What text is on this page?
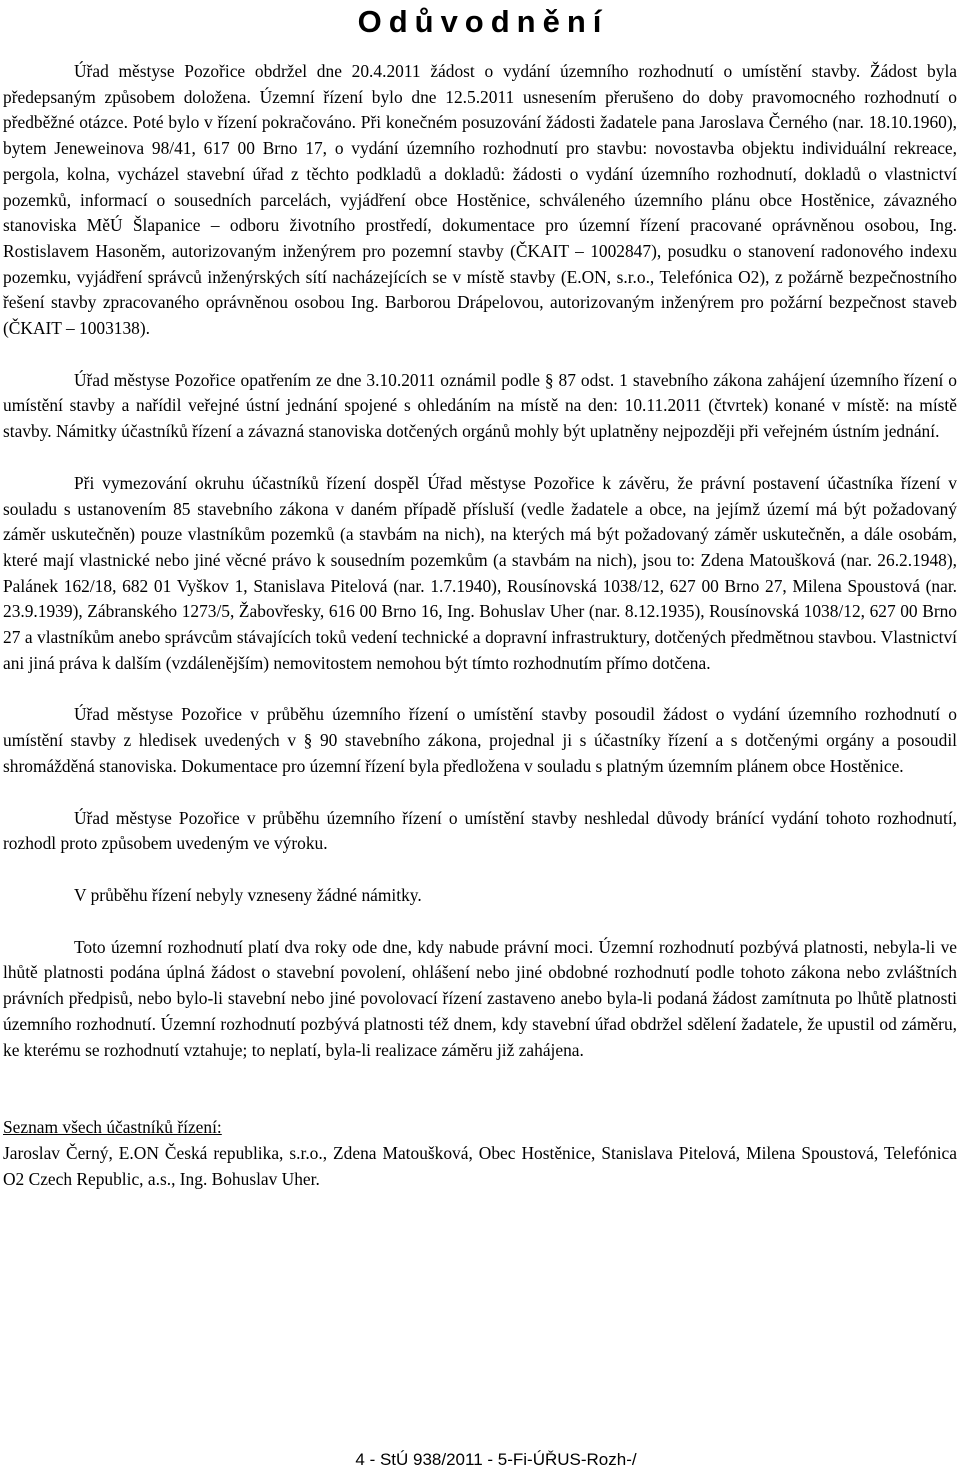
Odůvodnění

Úřad městyse Pozořice obdržel dne 20.4.2011 žádost o vydání územního rozhodnutí o umístění stavby. Žádost byla předepsaným způsobem doložena. Územní řízení bylo dne 12.5.2011 usnesením přerušeno do doby pravomocného rozhodnutí o předběžné otázce. Poté bylo v řízení pokračováno. Při konečném posuzování žádosti žadatele pana Jaroslava Černého (nar. 18.10.1960), bytem Jeneweinova 98/41, 617 00 Brno 17, o vydání územního rozhodnutí pro stavbu: novostavba objektu individuální rekreace, pergola, kolna, vycházel stavební úřad z těchto podkladů a dokladů: žádosti o vydání územního rozhodnutí, dokladů o vlastnictví pozemků, informací o sousedních parcelách, vyjádření obce Hostěnice, schváleného územního plánu obce Hostěnice, závazného stanoviska MěÚ Šlapanice – odboru životního prostředí, dokumentace pro územní řízení pracované oprávněnou osobou, Ing. Rostislavem Hasoněm, autorizovaným inženýrem pro pozemní stavby (ČKAIT – 1002847), posudku o stanovení radonového indexu pozemku, vyjádření správců inženýrských sítí nacházejících se v místě stavby (E.ON, s.r.o., Telefónica O2), z požárně bezpečnostního řešení stavby zpracovaného oprávněnou osobou Ing. Barborou Drápelovou, autorizovaným inženýrem pro požární bezpečnost staveb (ČKAIT – 1003138).

Úřad městyse Pozořice opatřením ze dne 3.10.2011 oznámil podle § 87 odst. 1 stavebního zákona zahájení územního řízení o umístění stavby a nařídil veřejné ústní jednání spojené s ohledáním na místě na den: 10.11.2011 (čtvrtek) konané v místě: na místě stavby. Námitky účastníků řízení a závazná stanoviska dotčených orgánů mohly být uplatněny nejpozději při veřejném ústním jednání.

Při vymezování okruhu účastníků řízení dospěl Úřad městyse Pozořice k závěru, že právní postavení účastníka řízení v souladu s ustanovením 85 stavebního zákona v daném případě přísluší (vedle žadatele a obce, na jejímž území má být požadovaný záměr uskutečněn) pouze vlastníkům pozemků (a stavbám na nich), na kterých má být požadovaný záměr uskutečněn, a dále osobám, které mají vlastnické nebo jiné věcné právo k sousedním pozemkům (a stavbám na nich), jsou to: Zdena Matoušková (nar. 26.2.1948), Palánek 162/18, 682 01 Vyškov 1, Stanislava Pitelová (nar. 1.7.1940), Rousínovská 1038/12, 627 00 Brno 27, Milena Spoustová (nar. 23.9.1939), Zábranského 1273/5, Žabovřesky, 616 00 Brno 16, Ing. Bohuslav Uher (nar. 8.12.1935), Rousínovská 1038/12, 627 00 Brno 27 a vlastníkům anebo správcům stávajících toků vedení technické a dopravní infrastruktury, dotčených předmětnou stavbou. Vlastnictví ani jiná práva k dalším (vzdálenějším) nemovitostem nemohou být tímto rozhodnutím přímo dotčena.

Úřad městyse Pozořice v průběhu územního řízení o umístění stavby posoudil žádost o vydání územního rozhodnutí o umístění stavby z hledisek uvedených v § 90 stavebního zákona, projednal ji s účastníky řízení a s dotčenými orgány a posoudil shromážděná stanoviska. Dokumentace pro územní řízení byla předložena v souladu s platným územním plánem obce Hostěnice.

Úřad městyse Pozořice v průběhu územního řízení o umístění stavby neshledal důvody bránící vydání tohoto rozhodnutí, rozhodl proto způsobem uvedeným ve výroku.

V průběhu řízení nebyly vzneseny žádné námitky.

Toto územní rozhodnutí platí dva roky ode dne, kdy nabude právní moci. Územní rozhodnutí pozbývá platnosti, nebyla-li ve lhůtě platnosti podána úplná žádost o stavební povolení, ohlášení nebo jiné obdobné rozhodnutí podle tohoto zákona nebo zvláštních právních předpisů, nebo bylo-li stavební nebo jiné povolovací řízení zastaveno anebo byla-li podaná žádost zamítnuta po lhůtě platnosti územního rozhodnutí. Územní rozhodnutí pozbývá platnosti též dnem, kdy stavební úřad obdržel sdělení žadatele, že upustil od záměru, ke kterému se rozhodnutí vztahuje; to neplatí, byla-li realizace záměru již zahájena.

Seznam všech účastníků řízení:

Jaroslav Černý, E.ON Česká republika, s.r.o., Zdena Matoušková, Obec Hostěnice, Stanislava Pitelová, Milena Spoustová, Telefónica O2 Czech Republic, a.s., Ing. Bohuslav Uher.

4 - StÚ 938/2011 - 5-Fi-ÚŘUS-Rozh-/
